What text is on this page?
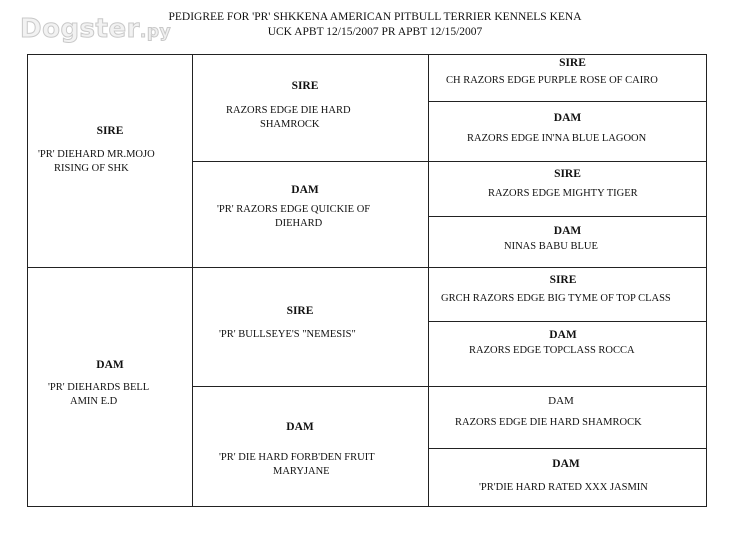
PEDIGREE FOR 'PR' SHKKENA AMERICAN PITBULL TERRIER KENNELS KENA
UCK APBT 12/15/2007 PR APBT 12/15/2007
Dogster.ру
SIRE
'PR' DIEHARD MR.MOJO
RISING OF SHK
DAM
'PR' DIEHARDS BELL
AMIN E.D
SIRE
RAZORS EDGE DIE HARD
SHAMROCK
DAM
'PR' RAZORS EDGE QUICKIE OF
DIEHARD
SIRE
'PR' BULLSEYE'S "NEMESIS"
DAM
'PR' DIE HARD FORB'DEN FRUIT
MARYJANE
SIRE
CH RAZORS EDGE PURPLE ROSE OF CAIRO
DAM
RAZORS EDGE IN'NA BLUE LAGOON
SIRE
RAZORS EDGE MIGHTY TIGER
DAM
NINAS BABU BLUE
SIRE
GRCH RAZORS EDGE BIG TYME OF TOP CLASS
DAM
RAZORS EDGE TOPCLASS ROCCA
DAM
RAZORS EDGE DIE HARD SHAMROCK
DAM
'PR'DIE HARD RATED XXX JASMIN
